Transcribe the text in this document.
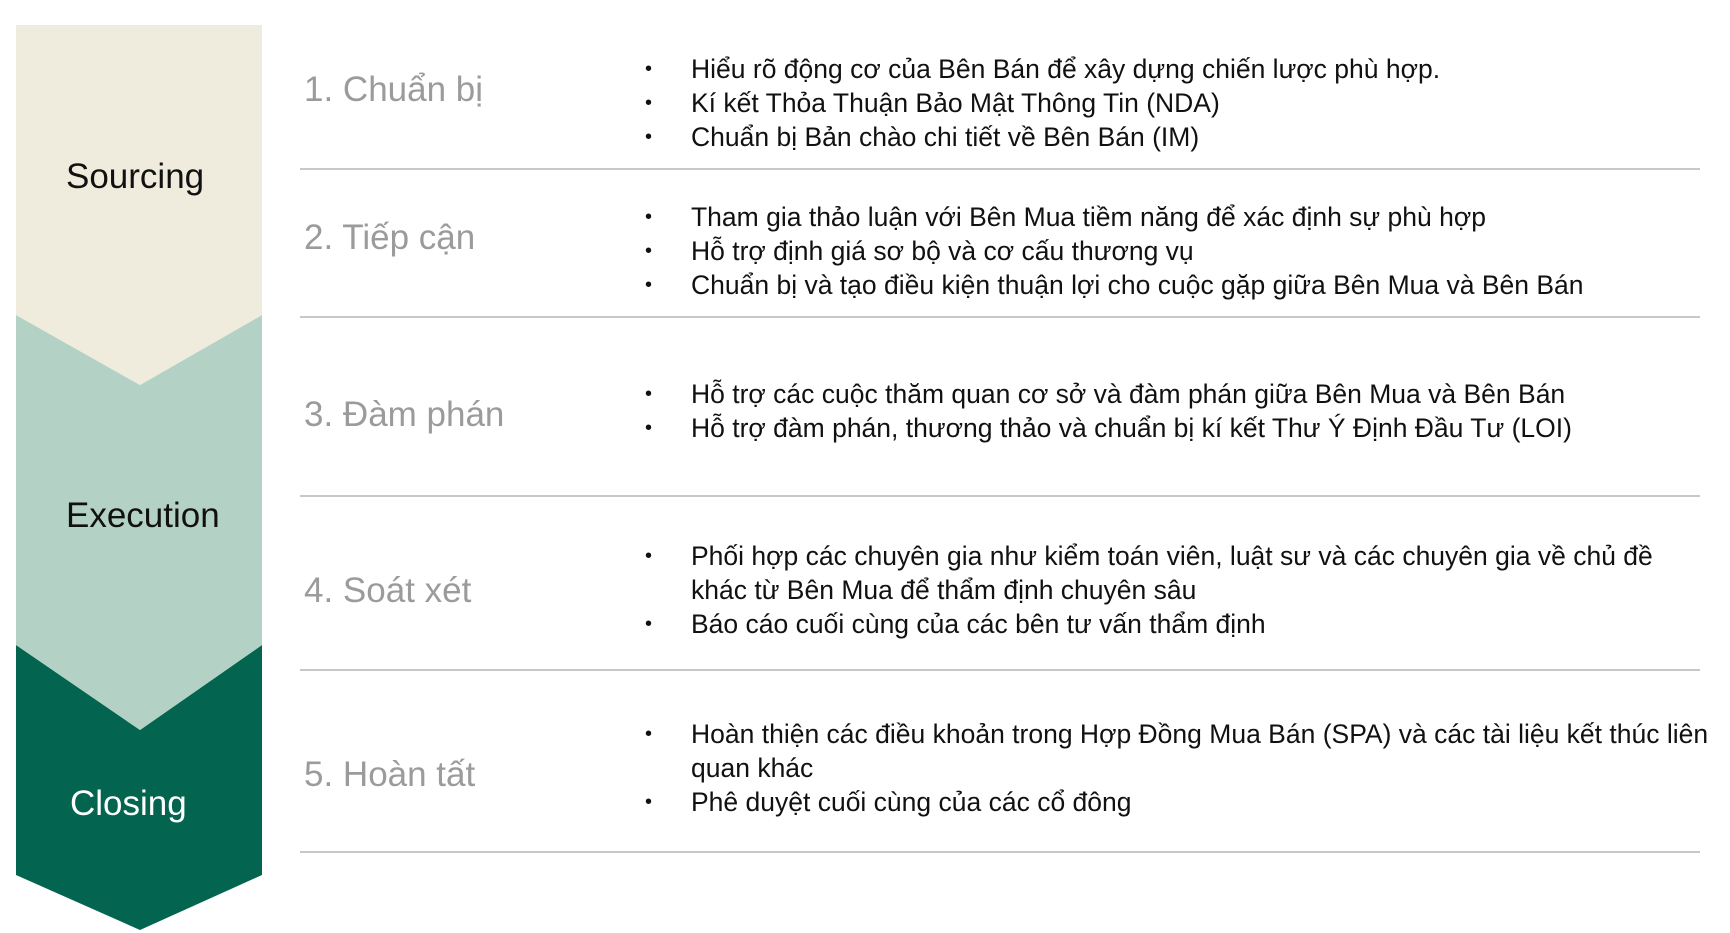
Sourcing
Execution
Closing
1. Chuẩn bị
• Hiểu rõ động cơ của Bên Bán để xây dựng chiến lược phù hợp.
• Kí kết Thỏa Thuận Bảo Mật Thông Tin (NDA)
• Chuẩn bị Bản chào chi tiết về Bên Bán (IM)
2. Tiếp cận
• Tham gia thảo luận với Bên Mua tiềm năng để xác định sự phù hợp
• Hỗ trợ định giá sơ bộ và cơ cấu thương vụ
• Chuẩn bị và tạo điều kiện thuận lợi cho cuộc gặp giữa Bên Mua và Bên Bán
3. Đàm phán
• Hỗ trợ các cuộc thăm quan cơ sở và đàm phán giữa Bên Mua và Bên Bán
• Hỗ trợ đàm phán, thương thảo và chuẩn bị kí kết Thư Ý Định Đầu Tư (LOI)
4. Soát xét
• Phối hợp các chuyên gia như kiểm toán viên, luật sư và các chuyên gia về chủ đề khác từ Bên Mua để thẩm định chuyên sâu
• Báo cáo cuối cùng của các bên tư vấn thẩm định
5. Hoàn tất
• Hoàn thiện các điều khoản trong Hợp Đồng Mua Bán (SPA) và các tài liệu kết thúc liên quan khác
• Phê duyệt cuối cùng của các cổ đông
